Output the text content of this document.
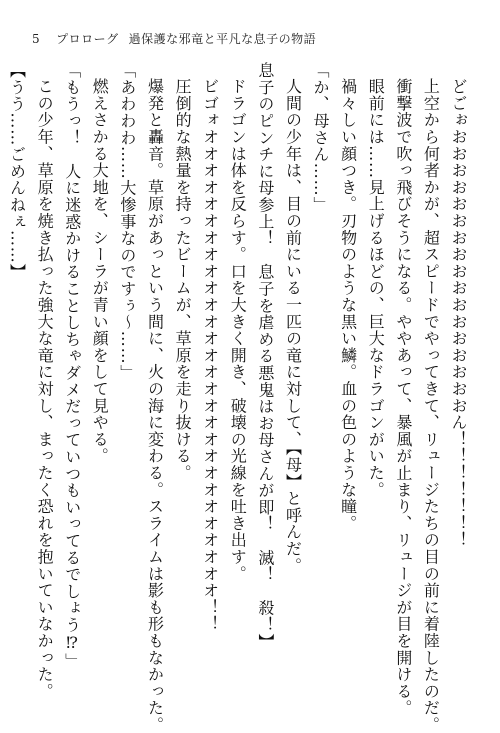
5 プロローグ 過保護な邪竜と平凡な息子の物語

どごぉおおおおおおおおおおおおおおおおおん！！！！！！！

上空から何者かが、超スピードでやってきて、リュージたちの目の前に着陸したのだ。

衝撃波で吹っ飛びそうになる。ややあって、暴風が止まり、リュージが目を開ける。

眼前には……見上げるほどの、巨大なドラゴンがいた。

禍々しい顔つき。刃物のような黒い鱗。血の色のような瞳。

「か、母さん……」

人間の少年は、目の前にいる一匹の竜に対して、【母】と呼んだ。

息子のピンチに母参上！　息子を虐める悪鬼はお母さんが即！　滅！　殺！】

ドラゴンは体を反らす。口を大きく開き、破壊の光線を吐き出す。

ビゴォオオオオオオオオオオオオオオオオオオオオオオオオオオオオ！！

圧倒的な熱量を持ったビームが、草原を走り抜ける。

爆発と轟音。草原があっという間に、火の海に変わる。スライムは影も形もなかった。

「あわわわ……大惨事なのですぅ～……」

燃えさかる大地を、シーラが青い顔をして見やる。

「もうっ！　人に迷惑かけることしちゃダメだっていつもいってるでしょう⁉」

この少年、草原を焼き払った強大な竜に対し、まったく恐れを抱いていなかった。

【うう……ごめんねぇ……】
